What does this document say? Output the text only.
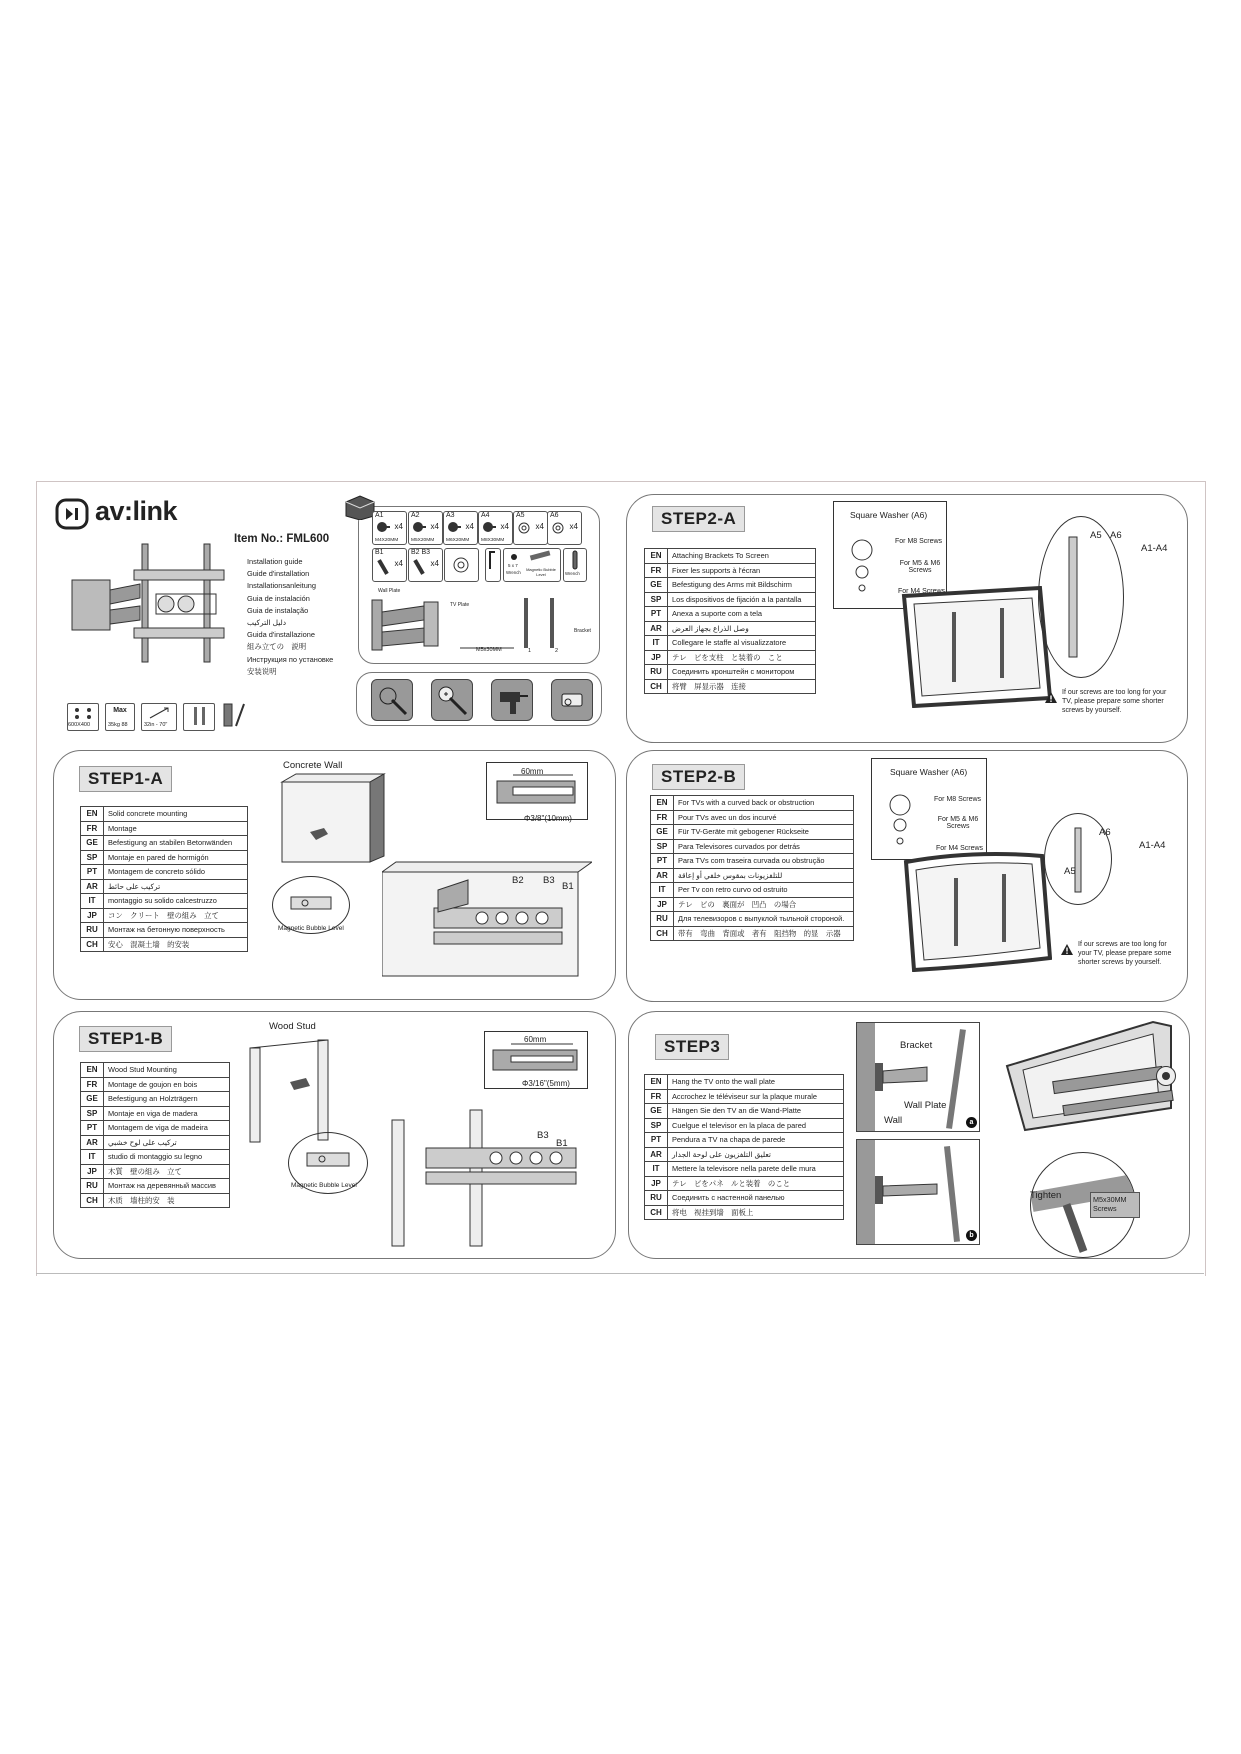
av:link
Item No.: FML600
Installation guide
Guide d'installation
Installationsanleitung
Guia de instalación
Guia de instalação
دليل التركيب
Guida d'installazione
組み立ての　説明
Инструкция по установке
安装说明
600X400
Max
35kg 88	32in - 70"
A1
x4
M4X20MM
A2
x4
M5X20MM
A3
x4
M6X20MM
A4
x4
M8X30MM
A5
x4
A6
x4
B1
x4
B2 B3
x4	5 x 7
Wrench
Magnetic Bubble Level	Wrench
Wall Plate
TV Plate
Bracket
M5x30MM	1	2
STEP1-A
EN	Solid concrete mounting
FR	Montage
GE	Befestigung an stabilen Betonwänden
SP	Montaje en pared de hormigón
PT	Montagem de concreto sólido
AR	تركيب على حائط
IT	montaggio su solido calcestruzzo
JP	コン　クリート　壁の組み　立て
RU	Монтаж на бетонную поверхность
CH	安心　混凝土墙　的安装
Concrete Wall
60mm
Φ3/8"(10mm)
Magnetic Bubble Level
B2 B3
B1
STEP1-B
EN	Wood Stud Mounting
FR	Montage de goujon en bois
GE	Befestigung an Holzträgern
SP	Montaje en viga de madera
PT	Montagem de viga de madeira
AR	تركيب على لوح خشبي
IT	studio di montaggio su legno
JP	木質　壁の組み　立て
RU	Монтаж на деревянный массив
CH	木质　墙柱的安　装
Wood Stud
60mm
Φ3/16"(5mm)
Magnetic Bubble Level
B3
B1
STEP2-A
EN	Attaching Brackets To Screen
FR	Fixer les supports à l'écran
GE	Befestigung des Arms mit Bildschirm
SP	Los dispositivos de fijación a la pantalla
PT	Anexa a suporte com a tela
AR	وصل الذراع بجهاز العرض
IT	Collegare le staffe al visualizzatore
JP	テレ　ビを支柱　と装着の　こと
RU	Соединить кронштейн с монитором
CH	将臂　屏显示器　连接
Square Washer (A6)
For M8 Screws
For M5 & M6 Screws
For M4 Screws
A5 A6
A1-A4
If our screws are too long for your TV, please prepare some shorter screws by yourself.
STEP2-B
EN	For TVs with a curved back or obstruction
FR	Pour TVs avec un dos incurvé
GE	Für TV-Geräte mit gebogener Rückseite
SP	Para Televisores curvados por detrás
PT	Para TVs com traseira curvada ou obstrução
AR	للتلفزيونات بمقوس خلفي أو إعاقة
IT	Per Tv con retro curvo od ostruito
JP	テレ　ビの　裏面が　凹凸　の場合
RU	Для телевизоров с выпуклой тыльной стороной.
CH	带有　弯曲　背面或　者有　阻挡物　的显　示器
Square Washer (A6)
For M8 Screws
For M5 & M6 Screws
For M4 Screws
A6
A5
A1-A4
If our screws are too long for your TV, please prepare some shorter screws by yourself.
STEP3
EN	Hang the TV onto the wall plate
FR	Accrochez le téléviseur sur la plaque murale
GE	Hängen Sie den TV an die Wand-Platte
SP	Cuelgue el televisor en la placa de pared
PT	Pendura a TV na chapa de parede
AR	تعليق التلفزيون على لوحة الجدار
IT	Mettere la televisore nella parete delle mura
JP	テレ　ビをパネ　ルと装着　のこと
RU	Соединить с настенной панелью
CH	将电　视挂到墙　面板上
Bracket
Wall Plate
Wall	a
b
Tighten	M5x30MM Screws
